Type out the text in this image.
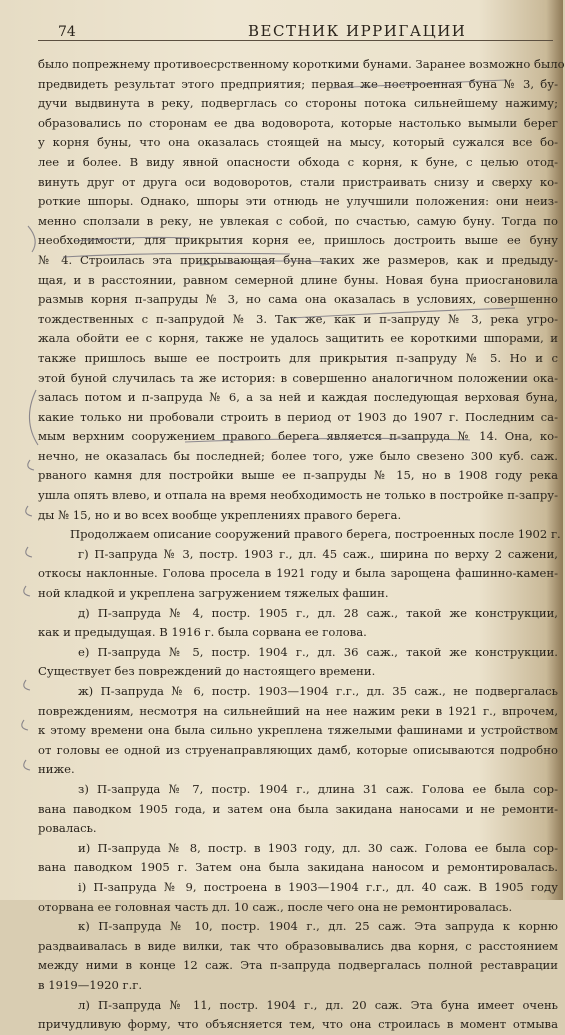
74	ВЕСТНИК ИРРИГАЦИИ
было попрежнему противоесрственному короткими бунами. Заранее возможно было
предвидеть результат этого предприятия; первая же построенная буна № 3, бу-
дучи выдвинута в реку, подверглась со стороны потока сильнейшему нажиму;
образовались по сторонам ее два водоворота, которые настолько вымыли берег
у корня буны, что она оказалась стоящей на мысу, который сужался все бо-
лее и более. В виду явной опасности обхода с корня, к буне, с целью отод-
винуть друг от друга оси водоворотов, стали пристраивать снизу и сверху ко-
роткие шпоры. Однако, шпоры эти отнюдь не улучшили положения: они неиз-
менно сползали в реку, не увлекая с собой, по счастью, самую буну. Тогда по
необходимости, для прикрытия корня ее, пришлось достроить выше ее буну
№ 4. Строилась эта прикрывающая буна таких же размеров, как и предыду-
щая, и в расстоянии, равном семерной длине буны. Новая буна приосгановила
размыв корня п-запруды № 3, но сама она оказалась в условиях, совершенно
тождественных с п-запрудой № 3. Так же, как и п-запруду № 3, река угро-
жала обойти ее с корня, также не удалось защитить ее короткими шпорами, и
также пришлось выше ее построить для прикрытия п-запруду № 5. Но и с
этой буной случилась та же история: в совершенно аналогичном положении ока-
залась потом и п-запруда № 6, а за ней и каждая последующая верховая буна,
какие только ни пробовали строить в период от 1903 до 1907 г. Последним са-
мым верхним сооружением правого берега является п-запруда № 14. Она, ко-
нечно, не оказалась бы последней; более того, уже было свезено 300 куб. саж.
рваного камня для постройки выше ее п-запруды № 15, но в 1908 году река
ушла опять влево, и отпала на время необходимость не только в постройке п-запру-
ды № 15, но и во всех вообще укреплениях правого берега.
Продолжаем описание сооружений правого берега, построенных после 1902 г.
г) П-запруда № 3, постр. 1903 г., дл. 45 саж., ширина по верху 2 сажени,
откосы наклонные. Голова просела в 1921 году и была зарощена фашинно-камен-
ной кладкой и укреплена загружением тяжелых фашин.
д) П-запруда № 4, постр. 1905 г., дл. 28 саж., такой же конструкции,
как и предыдущая. В 1916 г. была сорвана ее голова.
е) П-запруда № 5, постр. 1904 г., дл. 36 саж., такой же конструкции.
Существует без повреждений до настоящего времени.
ж) П-запруда № 6, постр. 1903—1904 г.г., дл. 35 саж., не подвергалась
повреждениям, несмотря на сильнейший на нее нажим реки в 1921 г., впрочем,
к этому времени она была сильно укреплена тяжелыми фашинами и устройством
от головы ее одной из струенаправляющих дамб, которые описываются подробно
ниже.
з) П-запруда № 7, постр. 1904 г., длина 31 саж. Голова ее была сор-
вана паводком 1905 года, и затем она была закидана наносами и не ремонти-
ровалась.
и) П-запруда № 8, постр. в 1903 году, дл. 30 саж. Голова ее была сор-
вана паводком 1905 г. Затем она была закидана наносом и ремонтировалась.
і) П-запруда № 9, построена в 1903—1904 г.г., дл. 40 саж. В 1905 году
оторвана ее головная часть дл. 10 саж., после чего она не ремонтировалась.
к) П-запруда № 10, постр. 1904 г., дл. 25 саж. Эта запруда к корню
раздваивалась в виде вилки, так что образовывались два корня, с расстоянием
между ними в конце 12 саж. Эта п-запруда подвергалась полной реставрации
в 1919—1920 г.г.
л) П-запруда № 11, постр. 1904 г., дл. 20 саж. Эта буна имеет очень
причудливую форму, что объясняется тем, что она строилась в момент отмыва
